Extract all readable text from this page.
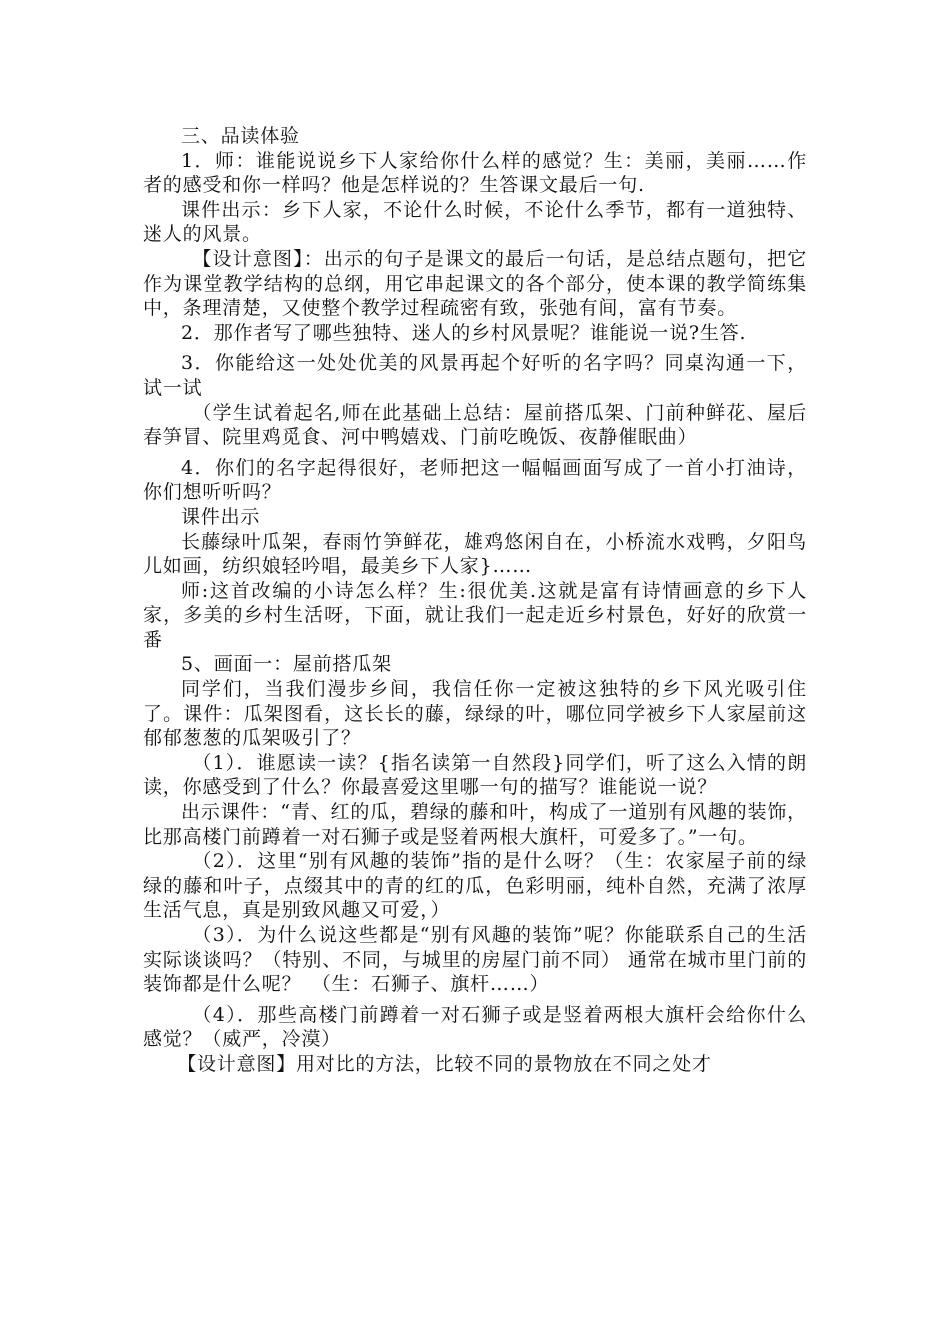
三、品读体验

1．师：谁能说说乡下人家给你什么样的感觉？生：美丽，美丽……作者的感受和你一样吗？他是怎样说的？生答课文最后一句.

课件出示：乡下人家，不论什么时候，不论什么季节，都有一道独特、迷人的风景。

【设计意图】：出示的句子是课文的最后一句话，是总结点题句，把它作为课堂教学结构的总纲，用它串起课文的各个部分，使本课的教学简练集中，条理清楚，又使整个教学过程疏密有致，张弛有间，富有节奏。

2．那作者写了哪些独特、迷人的乡村风景呢？谁能说一说?生答.

3．你能给这一处处优美的风景再起个好听的名字吗？同桌沟通一下，试一试

（学生试着起名,师在此基础上总结：屋前搭瓜架、门前种鲜花、屋后春笋冒、院里鸡觅食、河中鸭嬉戏、门前吃晚饭、夜静催眠曲）

4．你们的名字起得很好，老师把这一幅幅画面写成了一首小打油诗，你们想听听吗？

课件出示

长藤绿叶瓜架，春雨竹笋鲜花，雄鸡悠闲自在，小桥流水戏鸭，夕阳鸟儿如画，纺织娘轻吟唱，最美乡下人家}……

师:这首改编的小诗怎么样？生:很优美.这就是富有诗情画意的乡下人家，多美的乡村生活呀，下面，就让我们一起走近乡村景色，好好的欣赏一番

5、画面一：屋前搭瓜架

同学们，当我们漫步乡间，我信任你一定被这独特的乡下风光吸引住了。课件：瓜架图看，这长长的藤，绿绿的叶，哪位同学被乡下人家屋前这郁郁葱葱的瓜架吸引了？

（1）．谁愿读一读？{指名读第一自然段}同学们，听了这么入情的朗读，你感受到了什么？你最喜爱这里哪一句的描写？谁能说一说？

出示课件：“青、红的瓜，碧绿的藤和叶，构成了一道别有风趣的装饰，比那高楼门前蹲着一对石狮子或是竖着两根大旗杆，可爱多了。”一句。

（2）．这里“别有风趣的装饰”指的是什么呀？（生：农家屋子前的绿绿的藤和叶子，点缀其中的青的红的瓜，色彩明丽，纯朴自然，充满了浓厚生活气息，真是别致风趣又可爱，）

（3）．为什么说这些都是“别有风趣的装饰”呢？你能联系自己的生活实际谈谈吗？（特别、不同，与城里的房屋门前不同） 通常在城市里门前的装饰都是什么呢？　（生：石狮子、旗杆……）

（4）．那些高楼门前蹲着一对石狮子或是竖着两根大旗杆会给你什么感觉？（威严，冷漠）

【设计意图】用对比的方法，比较不同的景物放在不同之处才
